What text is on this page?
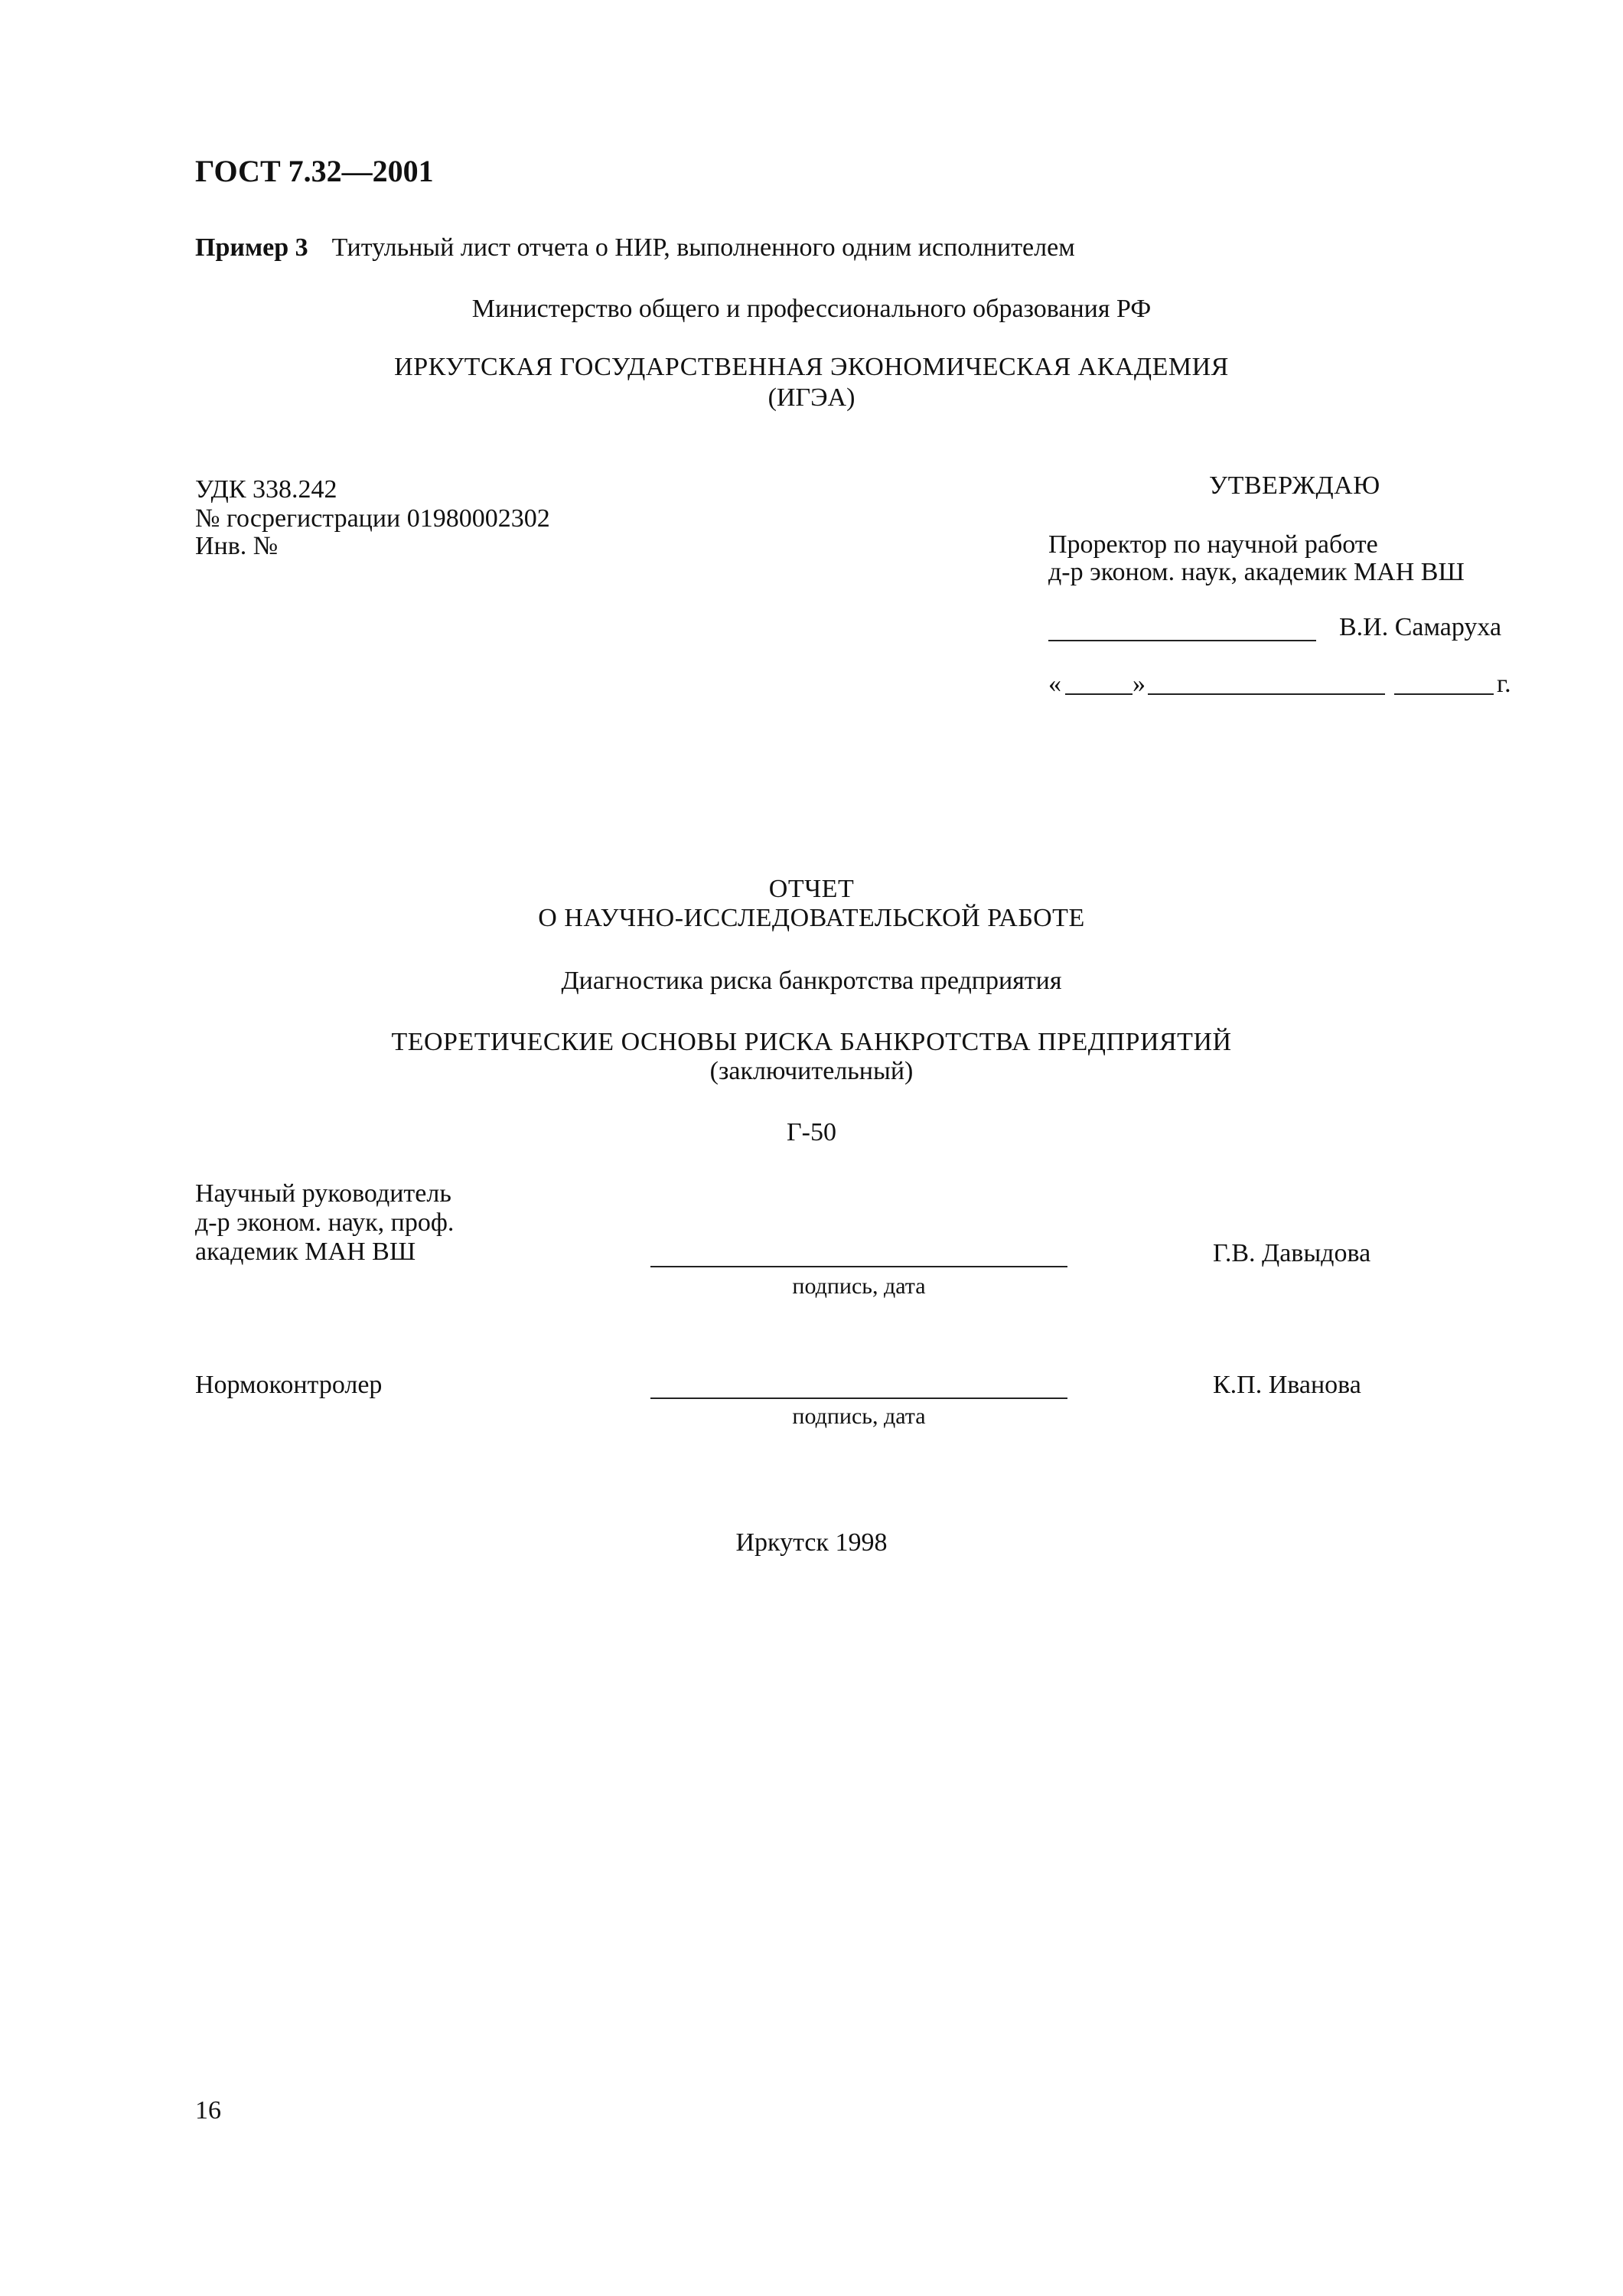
ГОСТ 7.32—2001
Пример 3 Титульный лист отчета о НИР, выполненного одним исполнителем
Министерство общего и профессионального образования РФ
ИРКУТСКАЯ ГОСУДАРСТВЕННАЯ ЭКОНОМИЧЕСКАЯ АКАДЕМИЯ
(ИГЭА)
УДК 338.242
№ госрегистрации 01980002302
Инв. №
УТВЕРЖДАЮ
Проректор по научной работе
д-р эконом. наук, академик МАН ВШ
В.И. Самаруха
«	»	г.
ОТЧЕТ
О НАУЧНО-ИССЛЕДОВАТЕЛЬСКОЙ РАБОТЕ
Диагностика риска банкротства предприятия
ТЕОРЕТИЧЕСКИЕ ОСНОВЫ РИСКА БАНКРОТСТВА ПРЕДПРИЯТИЙ
(заключительный)
Г-50
Научный руководитель
д-р эконом. наук, проф.
академик МАН ВШ	Г.В. Давыдова
подпись, дата
Нормоконтролер	К.П. Иванова
подпись, дата
Иркутск 1998
16
